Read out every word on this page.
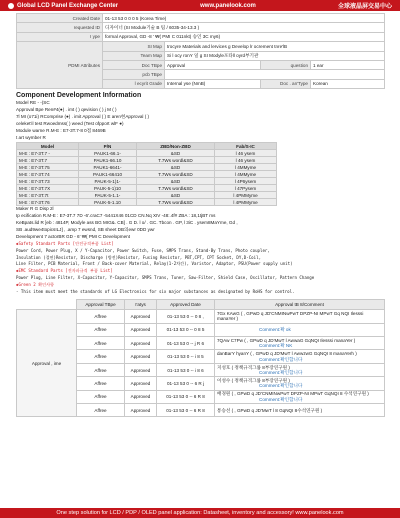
Global LCD Panel Exchange Center	www.panelook.com	全球液晶屏交易中心
Created Date	01-13 53 0 0 0 5 (Korea Time)			
requested ID	디자이너 (SI Module기술 B 팀 / 6035-34-13.3 )			
I ype	formal Approval, GD -8 ' ₩( PMI C 011nkt) 승인 3C my6)			
PDMI Attributes	SI Map	trocyre Materials and lervices g Develop lr ocrement tnre'lB		
	Team Map	Si l ocy ronY 일 g SI Modyle포타ll oyrd부기관		
	Doc TBpe	Approval	question	1 ear
	pcb TBpe			
	l ecyrit Grade	Internal yse (NmB)	Doc . an'Type	Korean
Component Development Information
Model RE - -(SC
Approval Bpe Ren#4(●) . imt ( ) qevision ( ) j M ( )
7l MI (o71i) RComprise (●) . imit Approval ( ) E aren현Approval ( )
celeket'il test Rwoedmss( ) weed (Test ofpport wlF ●)
Module warne R.M-E : E7-3T.7-8 0점 8469B
t art wymber R
Model	P/N	ZBD/Non-ZBD	Fab/S-IC
M-E : E7-3T.7 -	PAUK1-66.1-	&SD	l 46 ysem
M-E : E7-3T.7	PAUK1-66.10	T.7Ws wordl&SD	l 46 ysem
M-E : E7-3T.75	PAUK1-6641-	&SD	l 4MMyme
M-E : E7-3T.74	PAUK1-66410	T.7Ws wordl&SD	l 4MMyme
M-E : E7-3T.73	PAUK-5-1)1-	&SD	l 4P6ysem
M-E : E7-3T.7X	PAUK-5-1)10	T.7Ws wordl&SD	l 47Pysem
M-E : E7-3T.7t	PAUK-5-1.1-	&SD	l 4PMMyme
M-E : E7-3T.76	PAUK-5-1.10	T.7Ws wordl&SD	l 4PMMyme
Maker R G Disp 2l
Ip ecification R.M-E : E7-3T.7 7D -6'.craC7 -5441X46 01CD CN.Nq XIV -48:.4f# ZBA : 18,1tjBT ms
KeBpats.lid R ]eb : 4814P, Modyle ass BG MIG&. CB] . G D. l o/ . GC. Tbcon . GP, l 3iC . ysem8MaYme, Gd ,
SB .aud9we4topicsILJ] , .amp 7 ewsnd, SB sheet DB의ewr 0DD ywr
Development 7 actorBR GD - 6' ₩( PMI C Development
◆Safety Standart Parts [안전규격부품 List]
Power Cord, Power Plug, X / Y-Capacitor, Power Switch, Fuse, SMPS Trans, Stand-By Trans, Photo coupler,
Insulation (절연)Resistor, Discharge (방전)Resistor, Fusing Resistor, PBT,CPT, CPT Socket, DY,D-Coil,
Line Filter, PCB Material, Front / Back-cover Material, Relay(1-2차간), Varistor, Adaptor, PSU(Power supply unit)
◆EMC Standard Parts [전자파규격 부품 List]
Power Plug, Line Filter, X-Capacitor, Y-Capacitor, SMPS Trans, Tuner, Saw-Filter, Shield Case, Oscillator, Pattern Change
◆Green 2 확인사항
- This item must meet the standards of LG Electronics for six major substances as designated by RoHS for control.
	Approval TBpe	I'atys	Approved Date	Approval tB 8/Comment
Approval , ime	Affree	Approved	01-13 53 0 -- 0 8 ,	7Gx KAwG ( , GPwD q JD'CNMINwPwT DPZP-NI MPwT Gq NQI Ilesssi manaYer )

	Affree	Approved	01-13 53 0 -- 0 8 5	Comment:확 ok

	Affree	Approved	01-13 53 0 -- j R 6	7QAw C7Pw ( , GPwD q JD'MwT l AwwaG GqNQI Ilesssi manaYer )
Comment:확 NK

	Affree	Approved	01-13 53 0 -- i 8 5	danBarY hyanY ( , GPwD q JD'MwT l AwwzwG GqNQI 8 manaYerh )
Comment:확인합니다

	Affree	Approved	01-13 53 0 -- i 8 6	지성호 ( 정책규격그룹 8부장연구원 )
Comment:확인합니다

	Affree	Approved	01-13 53 0 -- 6 R j	이성수 ( 정책규격그룹 8부장연구원 )
Comment:확인합니다

	Affree	Approved	01-13 53 0 -- 6 R 8	배경원 ( , GPwD q JD'CNMINwPwT DPZP-NI MPwT GqNQI 8 수석연구원 )
Comment:확인합니다

	Affree	Approved	01-13 53 0 -- 6 R 8	통승선 ( , GPwD q JD'MwT l 8 GqNQI 8수석연구원 )
One step solution for LCD / PDP / OLED panel application: Datasheet, inventory and accessory! www.panelook.com
